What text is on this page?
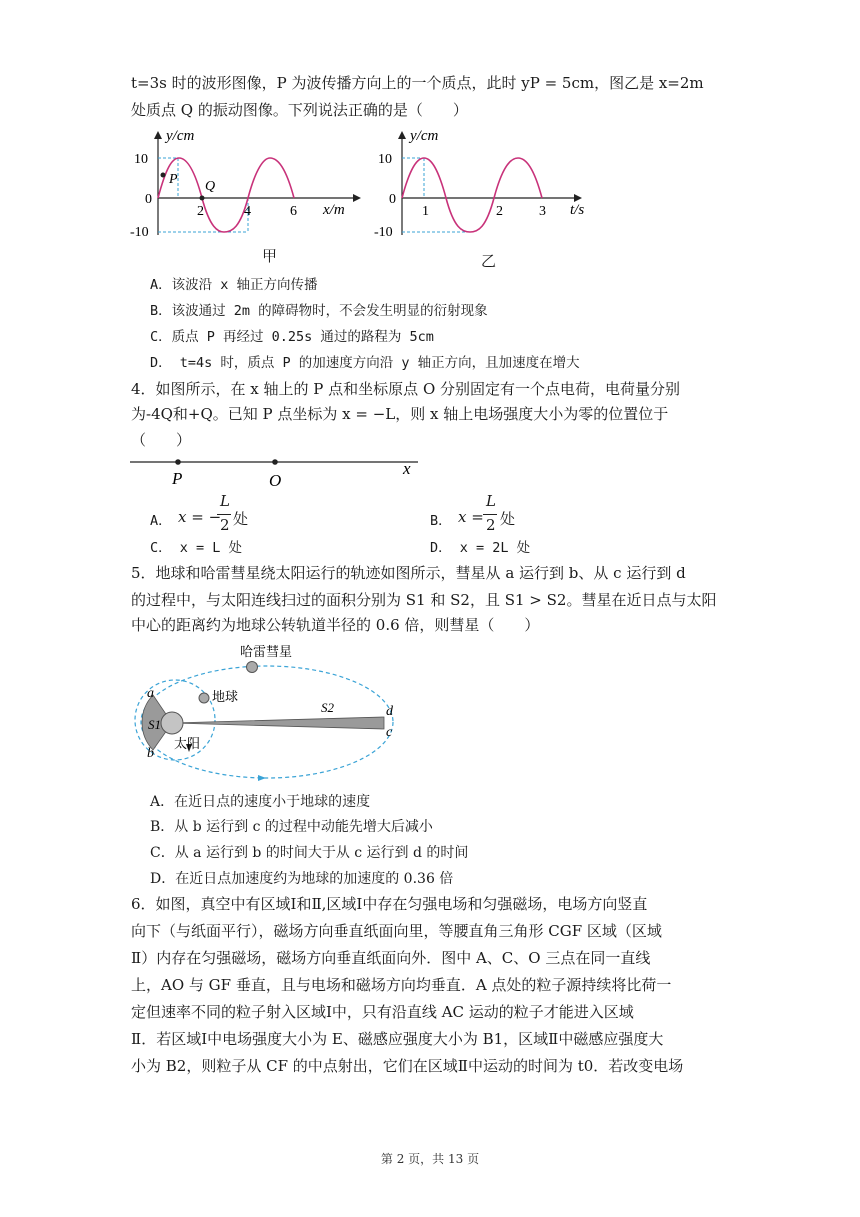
t=3s 时的波形图像，P 为波传播方向上的一个质点，此时 yP = 5cm，图乙是 x=2m
处质点 Q 的振动图像。下列说法正确的是（　　）
10
0
-10
y/cm
x/m
2	4	6
P Q
甲
10
0
-10
y/cm
t/s
1	2	3
乙
A．该波沿 x 轴正方向传播
B．该波通过 2m 的障碍物时，不会发生明显的衍射现象
C．质点 P 再经过 0.25s 通过的路程为 5cm
D． t=4s 时，质点 P 的加速度方向沿 y 轴正方向，且加速度在增大
4．如图所示，在 x 轴上的 P 点和坐标原点 O 分别固定有一个点电荷，电荷量分别
为-4Q和+Q。已知 P 点坐标为 x = −L，则 x 轴上电场强度大小为零的位置位于
（　　）
P	O
x
A． x = −
L
2 处	B． x =
L
2 处
C． x = L 处	D． x = 2L 处
5．地球和哈雷彗星绕太阳运行的轨迹如图所示，彗星从 a 运行到 b、从 c 运行到 d
的过程中，与太阳连线扫过的面积分别为 S1 和 S2，且 S1 > S2。彗星在近日点与太阳
中心的距离约为地球公转轨道半径的 0.6 倍，则彗星（　　）
哈雷彗星
地球
太阳
a
b
d
c
S1
S2
A．在近日点的速度小于地球的速度
B．从 b 运行到 c 的过程中动能先增大后减小
C．从 a 运行到 b 的时间大于从 c 运行到 d 的时间
D．在近日点加速度约为地球的加速度的 0.36 倍
6．如图，真空中有区域Ⅰ和Ⅱ,区域Ⅰ中存在匀强电场和匀强磁场，电场方向竖直
向下（与纸面平行），磁场方向垂直纸面向里，等腰直角三角形 CGF 区域（区域
Ⅱ）内存在匀强磁场，磁场方向垂直纸面向外．图中 A、C、O 三点在同一直线
上，AO 与 GF 垂直，且与电场和磁场方向均垂直．A 点处的粒子源持续将比荷一
定但速率不同的粒子射入区域Ⅰ中，只有沿直线 AC 运动的粒子才能进入区域
Ⅱ．若区域Ⅰ中电场强度大小为 E、磁感应强度大小为 B1，区域Ⅱ中磁感应强度大
小为 B2，则粒子从 CF 的中点射出，它们在区域Ⅱ中运动的时间为 t0．若改变电场
第 2 页，共 13 页
